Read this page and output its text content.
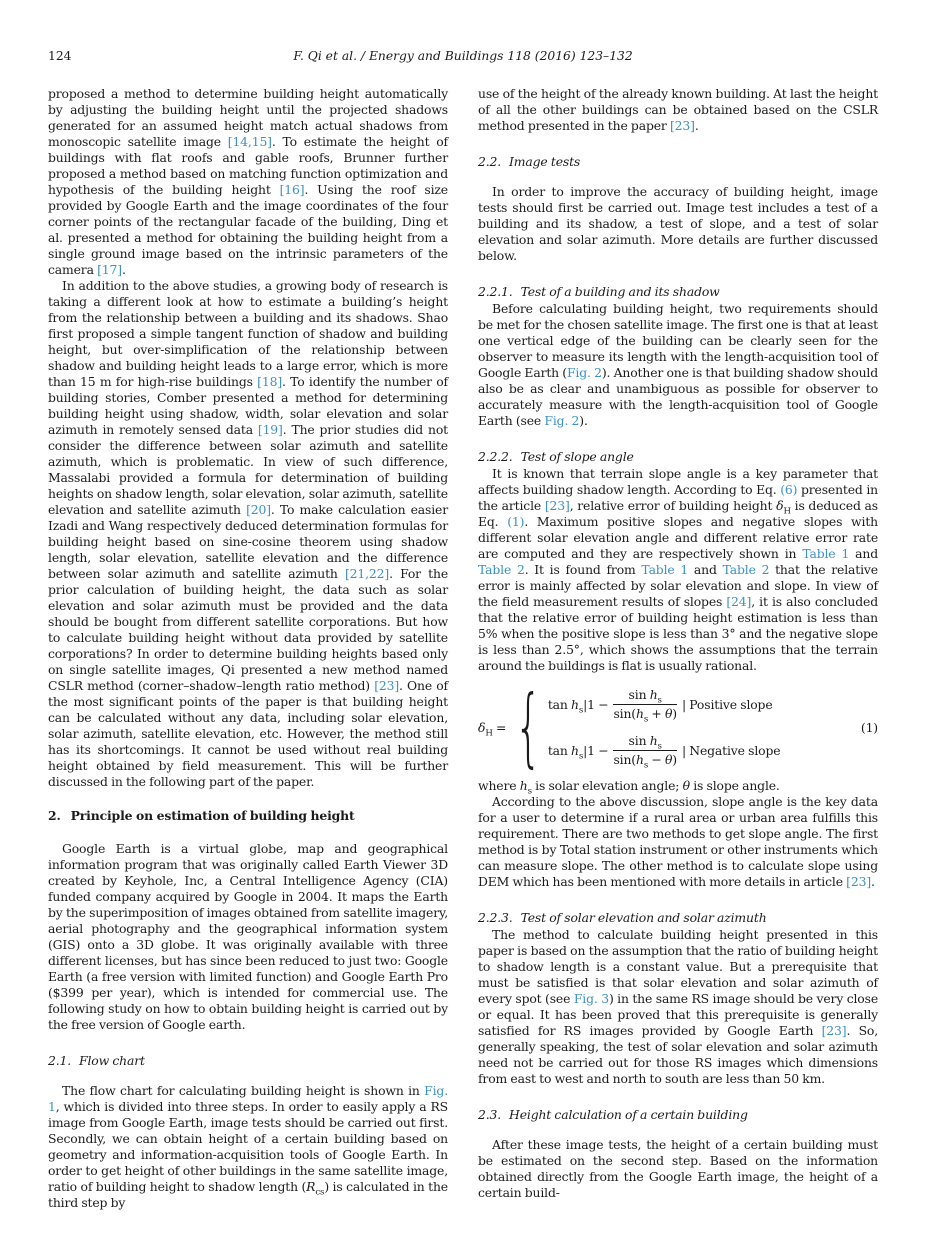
124	F. Qi et al. / Energy and Buildings 118 (2016) 123–132

proposed a method to determine building height automatically by adjusting the building height until the projected shadows generated for an assumed height match actual shadows from monoscopic satellite image [14,15]. To estimate the height of buildings with flat roofs and gable roofs, Brunner further proposed a method based on matching function optimization and hypothesis of the building height [16]. Using the roof size provided by Google Earth and the image coordinates of the four corner points of the rectangular facade of the building, Ding et al. presented a method for obtaining the building height from a single ground image based on the intrinsic parameters of the camera [17].

In addition to the above studies, a growing body of research is taking a different look at how to estimate a building’s height from the relationship between a building and its shadows. Shao first proposed a simple tangent function of shadow and building height, but over-simplification of the relationship between shadow and building height leads to a large error, which is more than 15 m for high-rise buildings [18]. To identify the number of building stories, Comber presented a method for determining building height using shadow, width, solar elevation and solar azimuth in remotely sensed data [19]. The prior studies did not consider the difference between solar azimuth and satellite azimuth, which is problematic. In view of such difference, Massalabi provided a formula for determination of building heights on shadow length, solar elevation, solar azimuth, satellite elevation and satellite azimuth [20]. To make calculation easier Izadi and Wang respectively deduced determination formulas for building height based on sine-cosine theorem using shadow length, solar elevation, satellite elevation and the difference between solar azimuth and satellite azimuth [21,22]. For the prior calculation of building height, the data such as solar elevation and solar azimuth must be provided and the data should be bought from different satellite corporations. But how to calculate building height without data provided by satellite corporations? In order to determine building heights based only on single satellite images, Qi presented a new method named CSLR method (corner–shadow–length ratio method) [23]. One of the most significant points of the paper is that building height can be calculated without any data, including solar elevation, solar azimuth, satellite elevation, etc. However, the method still has its shortcomings. It cannot be used without real building height obtained by field measurement. This will be further discussed in the following part of the paper.

2. Principle on estimation of building height

Google Earth is a virtual globe, map and geographical information program that was originally called Earth Viewer 3D created by Keyhole, Inc, a Central Intelligence Agency (CIA) funded company acquired by Google in 2004. It maps the Earth by the superimposition of images obtained from satellite imagery, aerial photography and the geographical information system (GIS) onto a 3D globe. It was originally available with three different licenses, but has since been reduced to just two: Google Earth (a free version with limited function) and Google Earth Pro ($399 per year), which is intended for commercial use. The following study on how to obtain building height is carried out by the free version of Google earth.

2.1. Flow chart

The flow chart for calculating building height is shown in Fig. 1, which is divided into three steps. In order to easily apply a RS image from Google Earth, image tests should be carried out first. Secondly, we can obtain height of a certain building based on geometry and information-acquisition tools of Google Earth. In order to get height of other buildings in the same satellite image, ratio of building height to shadow length $(R_{cs})$ is calculated in the third step by

use of the height of the already known building. At last the height of all the other buildings can be obtained based on the CSLR method presented in the paper [23].

2.2. Image tests

In order to improve the accuracy of building height, image tests should first be carried out. Image test includes a test of a building and its shadow, a test of slope, and a test of solar elevation and solar azimuth. More details are further discussed below.

2.2.1. Test of a building and its shadow

Before calculating building height, two requirements should be met for the chosen satellite image. The first one is that at least one vertical edge of the building can be clearly seen for the observer to measure its length with the length-acquisition tool of Google Earth (Fig. 2). Another one is that building shadow should also be as clear and unambiguous as possible for observer to accurately measure with the length-acquisition tool of Google Earth (see Fig. 2).

2.2.2. Test of slope angle

It is known that terrain slope angle is a key parameter that affects building shadow length. According to Eq. (6) presented in the article [23], relative error of building height $\delta_H$ is deduced as Eq. (1). Maximum positive slopes and negative slopes with different solar elevation angle and different relative error rate are computed and they are respectively shown in Table 1 and Table 2. It is found from Table 1 and Table 2 that the relative error is mainly affected by solar elevation and slope. In view of the field measurement results of slopes [24], it is also concluded that the relative error of building height estimation is less than 5% when the positive slope is less than 3° and the negative slope is less than 2.5°, which shows the assumptions that the terrain around the buildings is flat is usually rational.

$\delta_H$ = { $\tan h_s|1 - \frac{\sin h_s}{\sin(h_s + \theta)}$ | Positive slope
$\tan h_s|1 - \frac{\sin h_s}{\sin(h_s - \theta)}$ | Negative slope
(1)

where $h_s$ is solar elevation angle; θ is slope angle.

According to the above discussion, slope angle is the key data for a user to determine if a rural area or urban area fulfills this requirement. There are two methods to get slope angle. The first method is by Total station instrument or other instruments which can measure slope. The other method is to calculate slope using DEM which has been mentioned with more details in article [23].

2.2.3. Test of solar elevation and solar azimuth

The method to calculate building height presented in this paper is based on the assumption that the ratio of building height to shadow length is a constant value. But a prerequisite that must be satisfied is that solar elevation and solar azimuth of every spot (see Fig. 3) in the same RS image should be very close or equal. It has been proved that this prerequisite is generally satisfied for RS images provided by Google Earth [23]. So, generally speaking, the test of solar elevation and solar azimuth need not be carried out for those RS images which dimensions from east to west and north to south are less than 50 km.

2.3. Height calculation of a certain building

After these image tests, the height of a certain building must be estimated on the second step. Based on the information obtained directly from the Google Earth image, the height of a certain build-
